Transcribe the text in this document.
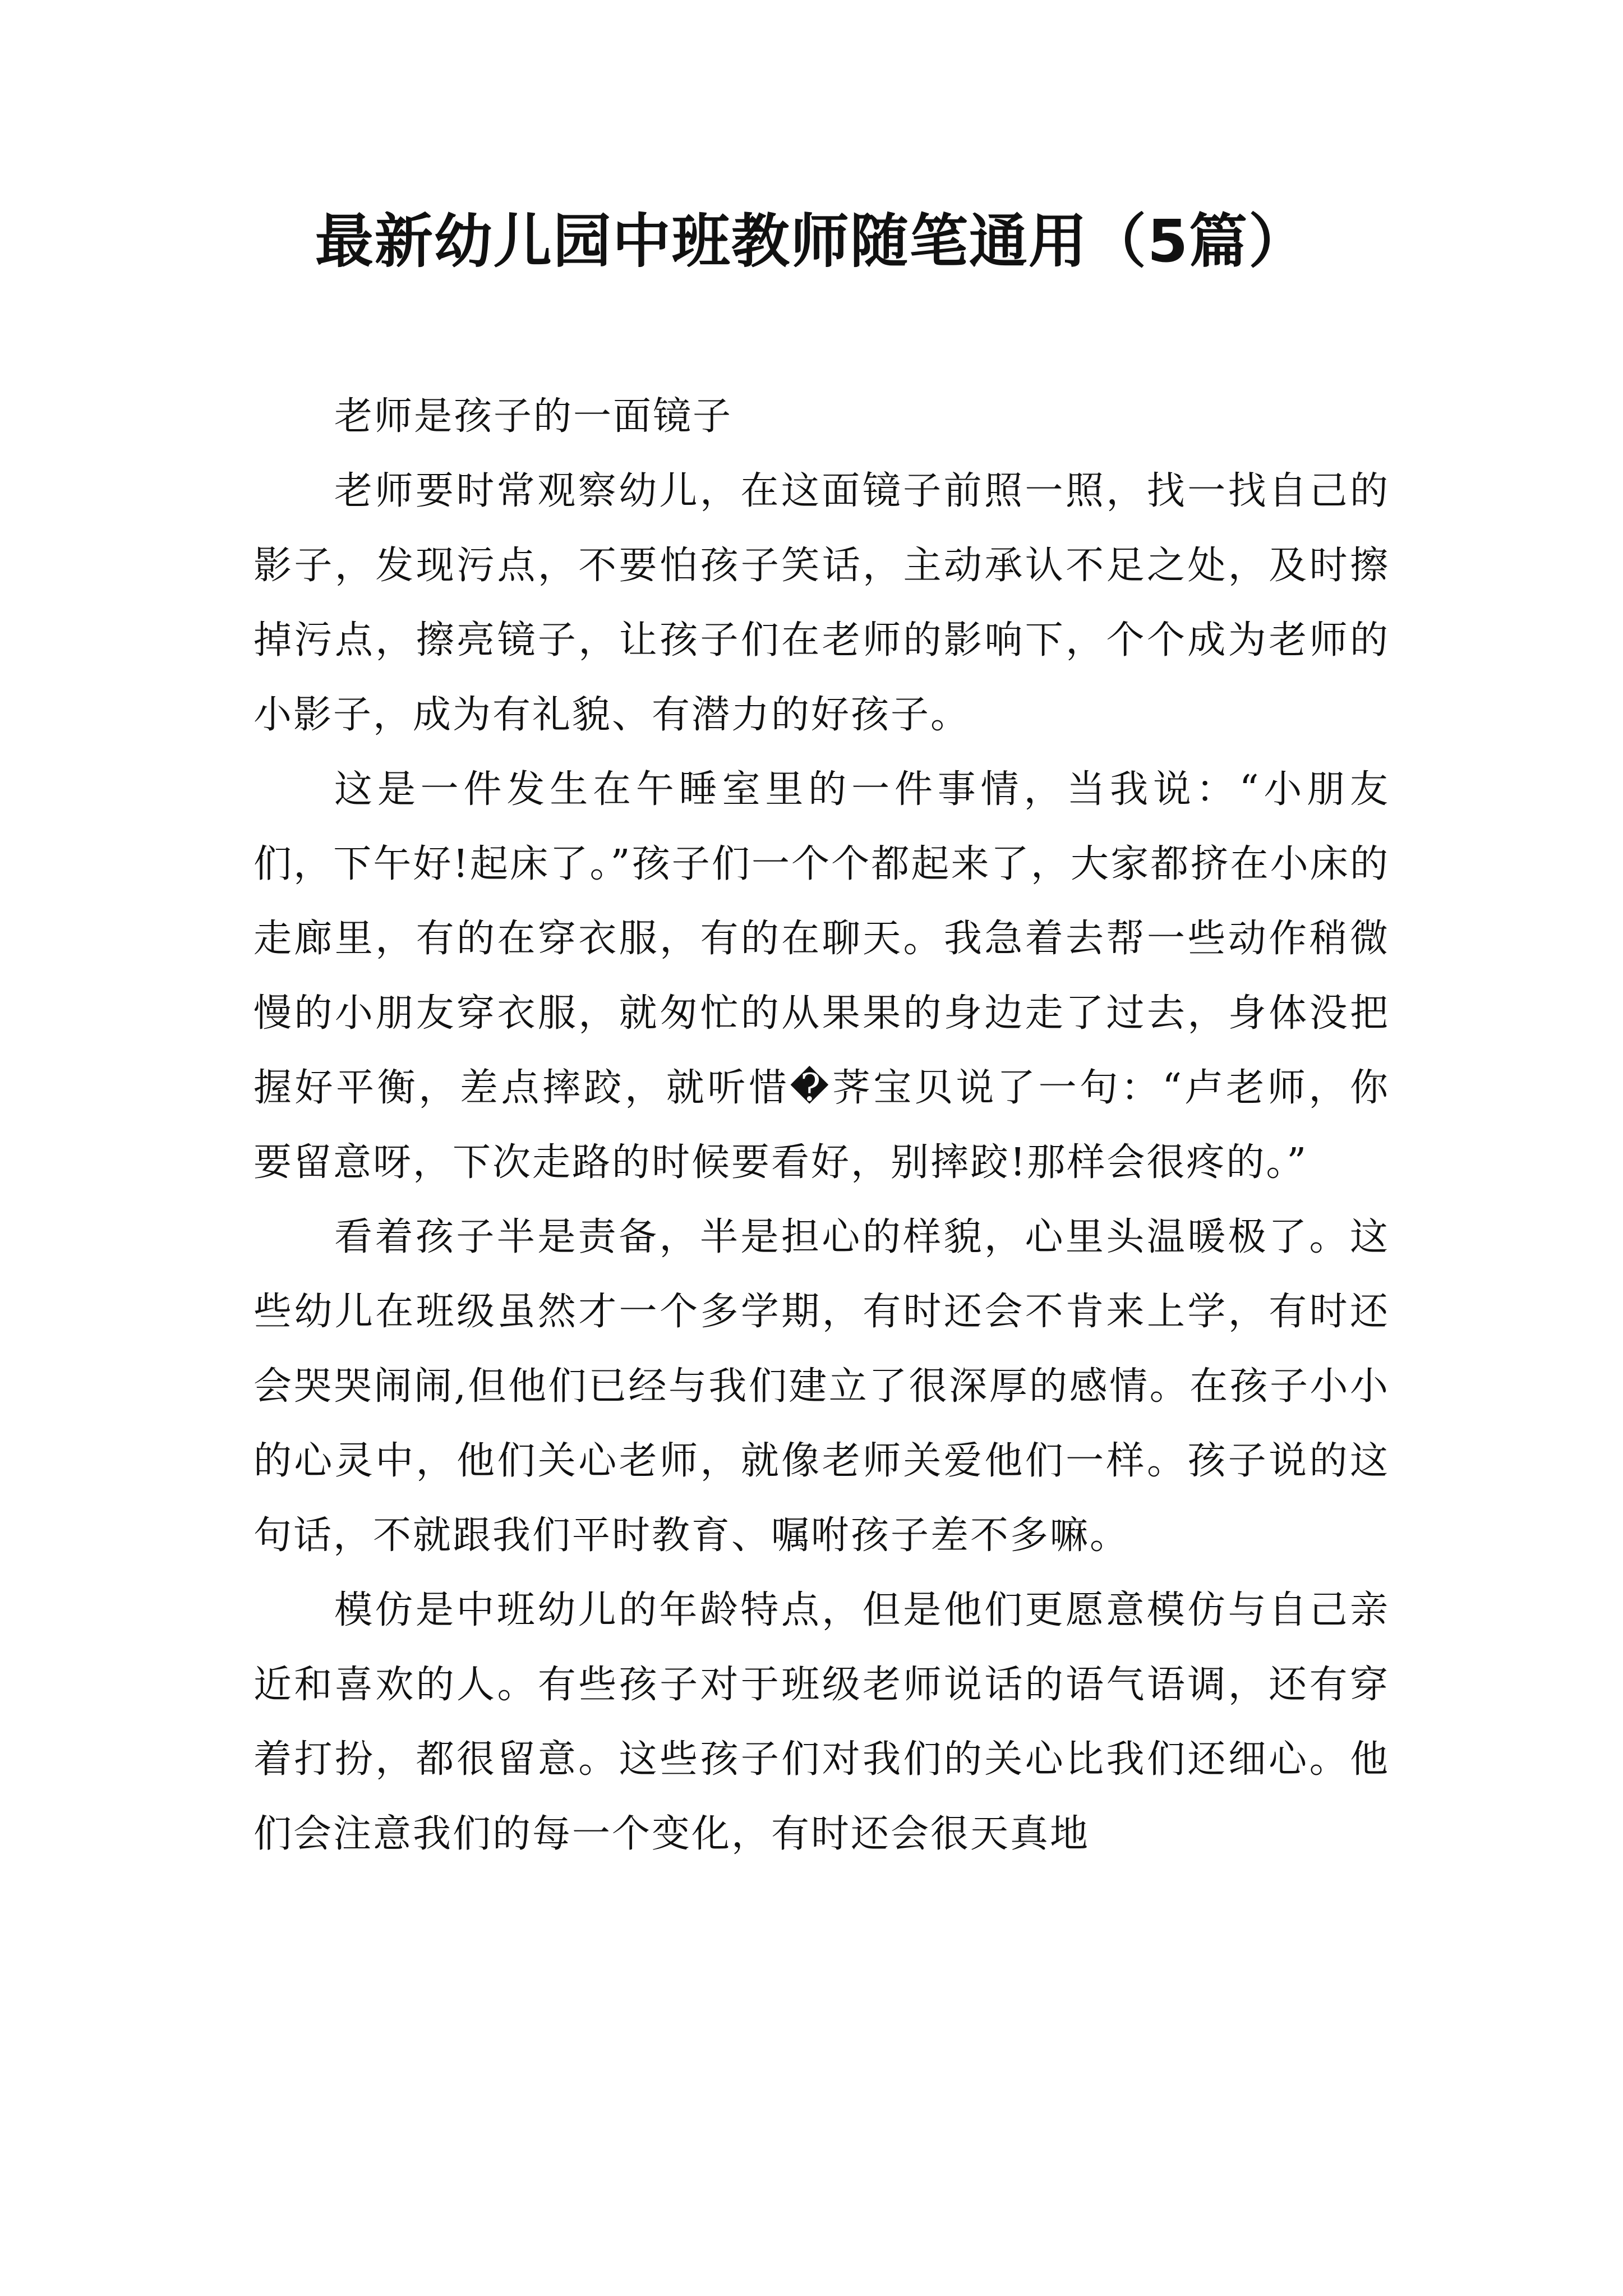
最新幼儿园中班教师随笔通用（5篇）

老师是孩子的一面镜子

老师要时常观察幼儿，在这面镜子前照一照，找一找自己的影子，发现污点，不要怕孩子笑话，主动承认不足之处，及时擦掉污点，擦亮镜子，让孩子们在老师的影响下，个个成为老师的小影子，成为有礼貌、有潜力的好孩子。

这是一件发生在午睡室里的一件事情，当我说：“小朋友们，下午好!起床了。”孩子们一个个都起来了，大家都挤在小床的走廊里，有的在穿衣服，有的在聊天。我急着去帮一些动作稍微慢的小朋友穿衣服，就匆忙的从果果的身边走了过去，身体没把握好平衡，差点摔跤，就听惜�荠宝贝说了一句：“卢老师，你要留意呀，下次走路的时候要看好，别摔跤!那样会很疼的。”

看着孩子半是责备，半是担心的样貌，心里头温暖极了。这些幼儿在班级虽然才一个多学期，有时还会不肯来上学，有时还会哭哭闹闹,但他们已经与我们建立了很深厚的感情。在孩子小小的心灵中，他们关心老师，就像老师关爱他们一样。孩子说的这句话，不就跟我们平时教育、嘱咐孩子差不多嘛。

模仿是中班幼儿的年龄特点，但是他们更愿意模仿与自己亲近和喜欢的人。有些孩子对于班级老师说话的语气语调，还有穿着打扮，都很留意。这些孩子们对我们的关心比我们还细心。他们会注意我们的每一个变化，有时还会很天真地
